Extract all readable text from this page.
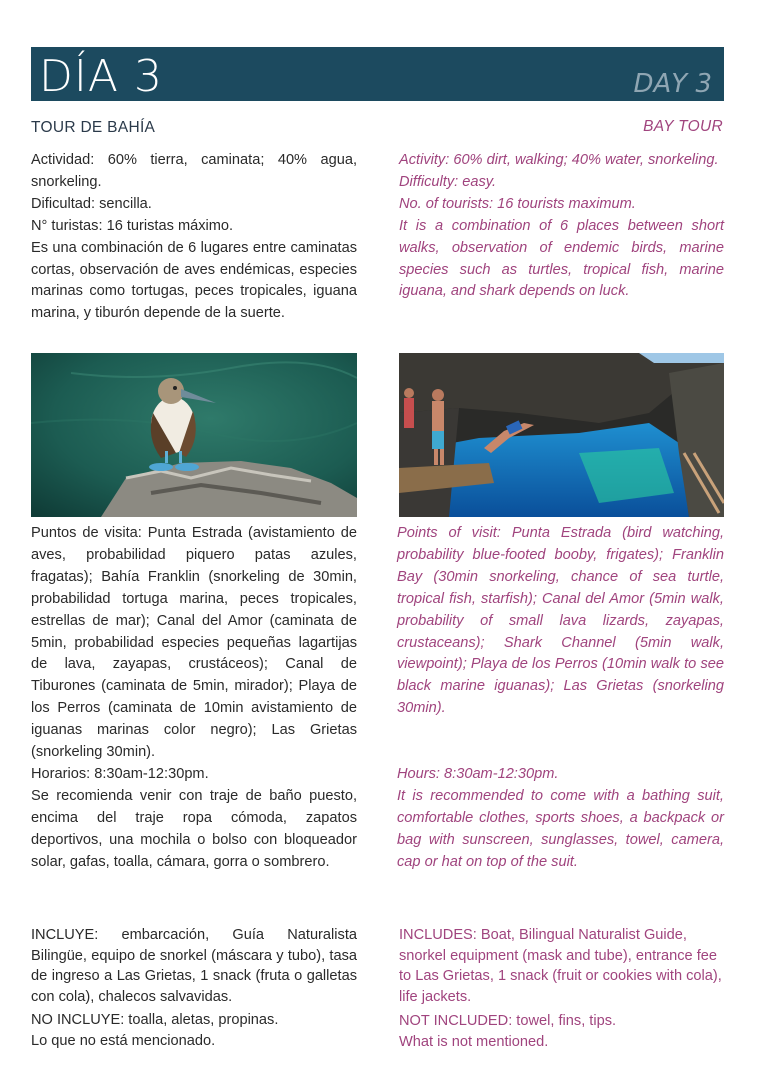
DÍA 3	DAY 3
TOUR DE BAHÍA	BAY TOUR

Actividad: 60% tierra, caminata; 40% agua, snorkeling.

Dificultad: sencilla.

N° turistas: 16 turistas máximo.

Es una combinación de 6 lugares entre caminatas cortas, observación de aves endémicas, especies marinas como tortugas, peces tropicales, iguana marina, y tiburón depende de la suerte.

Activity: 60% dirt, walking; 40% water, snorkeling.

Difficulty: easy.

No. of tourists: 16 tourists maximum.

It is a combination of 6 places between short walks, observation of endemic birds, marine species such as turtles, tropical fish, marine iguana, and shark depends on luck.

Puntos de visita: Punta Estrada (avistamiento de aves, probabilidad piquero patas azules, fragatas); Bahía Franklin (snorkeling de 30min, probabilidad tortuga marina, peces tropicales, estrellas de mar); Canal del Amor (caminata de 5min, probabilidad especies pequeñas lagartijas de lava, zayapas, crustáceos); Canal de Tiburones (caminata de 5min, mirador); Playa de los Perros (caminata de 10min avistamiento de iguanas marinas color negro); Las Grietas (snorkeling 30min).

Horarios: 8:30am-12:30pm.

Se recomienda venir con traje de baño puesto, encima del traje ropa cómoda, zapatos deportivos, una mochila o bolso con bloqueador solar, gafas, toalla, cámara, gorra o sombrero.

Points of visit: Punta Estrada (bird watching, probability blue-footed booby, frigates); Franklin Bay (30min snorkeling, chance of sea turtle, tropical fish, starfish); Canal del Amor (5min walk, probability of small lava lizards, zayapas, crustaceans); Shark Channel (5min walk, viewpoint); Playa de los Perros (10min walk to see black marine iguanas); Las Grietas (snorkeling 30min).
Hours: 8:30am-12:30pm.
It is recommended to come with a bathing suit, comfortable clothes, sports shoes, a backpack or bag with sunscreen, sunglasses, towel, camera, cap or hat on top of the suit.

INCLUYE: embarcación, Guía Naturalista Bilingüe, equipo de snorkel (máscara y tubo), tasa de ingreso a Las Grietas, 1 snack (fruta o galletas con cola), chalecos salvavidas.

NO INCLUYE: toalla, aletas, propinas.

Lo que no está mencionado.

INCLUDES: Boat, Bilingual Naturalist Guide, snorkel equipment (mask and tube), entrance fee to Las Grietas, 1 snack (fruit or cookies with cola), life jackets.

NOT INCLUDED: towel, fins, tips.

What is not mentioned.
